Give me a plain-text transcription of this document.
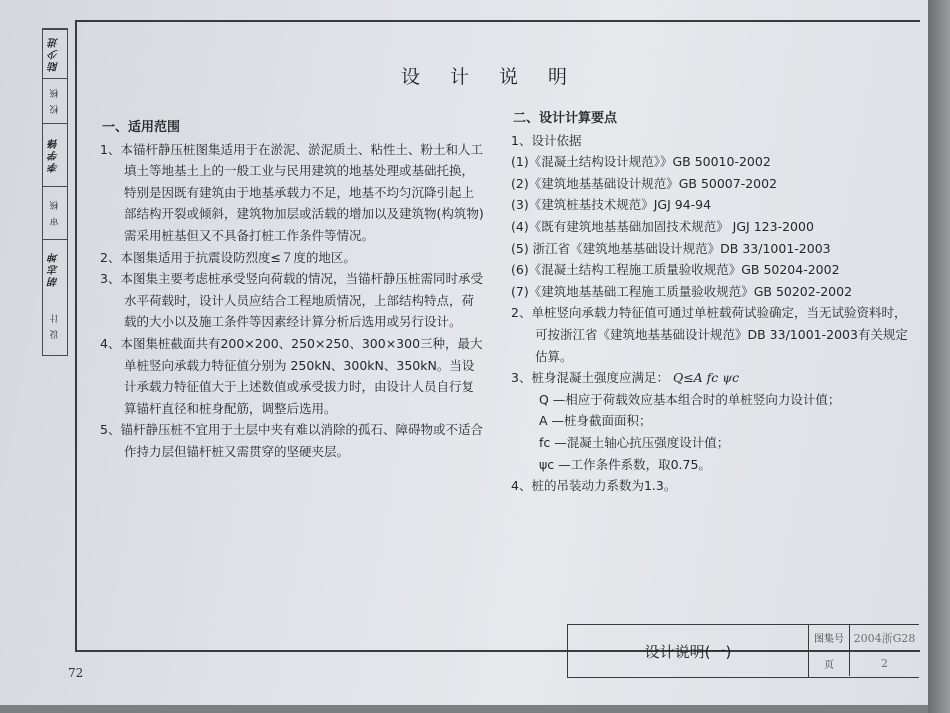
陆少进
校 核
李学锋
审 核
胡志坤
设 计
设 计 说 明
一、适用范围
1、本锚杆静压桩图集适用于在淤泥、淤泥质土、粘性土、粉土和人工填土等地基土上的一般工业与民用建筑的地基处理或基础托换，特别是因既有建筑由于地基承载力不足，地基不均匀沉降引起上部结构开裂或倾斜，建筑物加层或活载的增加以及建筑物(构筑物)需采用桩基但又不具备打桩工作条件等情况。
2、本图集适用于抗震设防烈度≤７度的地区。
3、本图集主要考虑桩承受竖向荷载的情况，当锚杆静压桩需同时承受水平荷载时，设计人员应结合工程地质情况，上部结构特点，荷载的大小以及施工条件等因素经计算分析后选用或另行设计。
4、本图集桩截面共有200×200、250×250、300×300三种，最大单桩竖向承载力特征值分别为 250kN、300kN、350kN。当设计承载力特征值大于上述数值或承受拔力时，由设计人员自行复算锚杆直径和桩身配筋，调整后选用。
5、锚杆静压桩不宜用于土层中夹有难以消除的孤石、障碍物或不适合作持力层但锚杆桩又需贯穿的坚硬夹层。
二、设计计算要点
1、设计依据
(1)《混凝土结构设计规范》》GB 50010-2002
(2)《建筑地基基础设计规范》GB 50007-2002
(3)《建筑桩基技术规范》JGJ 94-94
(4)《既有建筑地基基础加固技术规范》 JGJ 123-2000
(5) 浙江省《建筑地基基础设计规范》DB 33/1001-2003
(6)《混凝土结构工程施工质量验收规范》GB 50204-2002
(7)《建筑地基基础工程施工质量验收规范》GB 50202-2002
2、单桩竖向承载力特征值可通过单桩载荷试验确定，当无试验资料时，可按浙江省《建筑地基基础设计规范》DB 33/1001-2003有关规定估算。
3、桩身混凝土强度应满足： Q≤A fc ψc
Q —相应于荷载效应基本组合时的单桩竖向力设计值；
A —桩身截面面积；
fc —混凝土轴心抗压强度设计值；
ψc —工作条件系数，取0.75。
4、桩的吊装动力系数为1.3。
设计说明(一)
图集号 2004浙G28
页	2
72
